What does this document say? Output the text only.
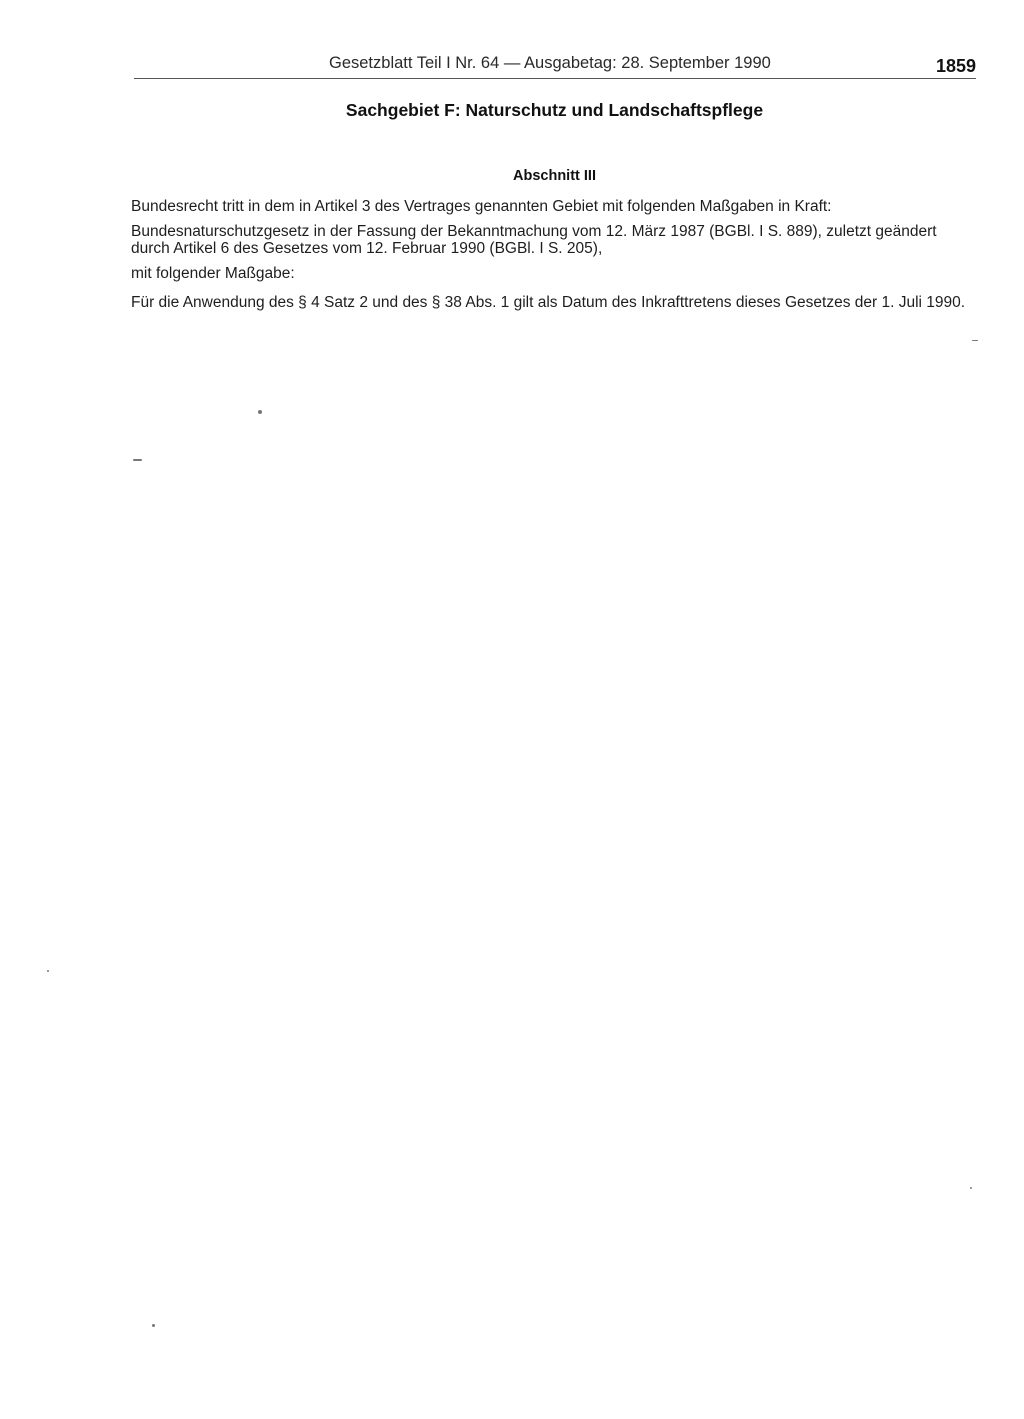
Gesetzblatt Teil I Nr. 64 — Ausgabetag: 28. September 1990	1859
Sachgebiet F: Naturschutz und Landschaftspflege
Abschnitt III
Bundesrecht tritt in dem in Artikel 3 des Vertrages genannten Gebiet mit folgenden Maßgaben in Kraft:
Bundesnaturschutzgesetz in der Fassung der Bekanntmachung vom 12. März 1987 (BGBl. I S. 889), zuletzt geändert durch Artikel 6 des Gesetzes vom 12. Februar 1990 (BGBl. I S. 205),
mit folgender Maßgabe:
Für die Anwendung des § 4 Satz 2 und des § 38 Abs. 1 gilt als Datum des Inkrafttretens dieses Gesetzes der 1. Juli 1990.
